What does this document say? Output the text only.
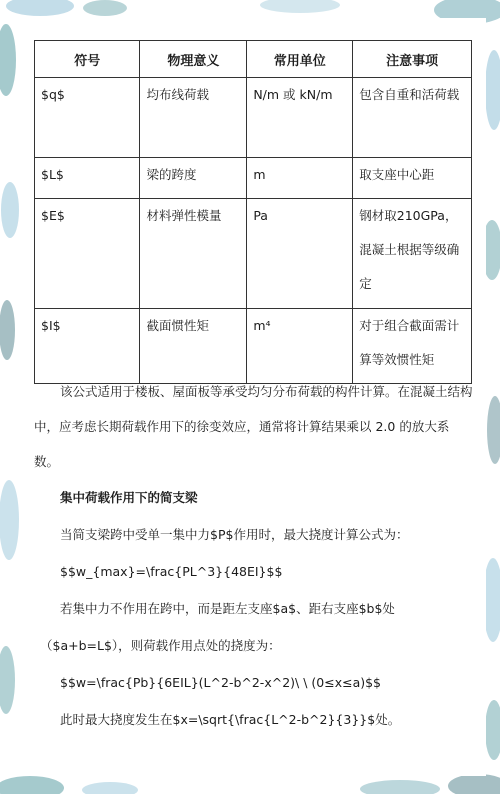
符号	物理意义	常用单位	注意事项
$q$	均布线荷载	N/m 或 kN/m	包含自重和活荷载
$L$	梁的跨度	m	取支座中心距
$E$	材料弹性模量	Pa	钢材取210GPa，混凝土根据等级确定
$I$	截面惯性矩	m⁴	对于组合截面需计算等效惯性矩

该公式适用于楼板、屋面板等承受均匀分布荷载的构件计算。在混凝土结构中，应考虑长期荷载作用下的徐变效应，通常将计算结果乘以 2.0 的放大系数。

集中荷载作用下的简支梁

当简支梁跨中受单一集中力$P$作用时，最大挠度计算公式为：

$$w_{max}=\frac{PL^3}{48EI}$$

若集中力不作用在跨中，而是距左支座$a$、距右支座$b$处

（$a+b=L$），则荷载作用点处的挠度为：

$$w=\frac{Pb}{6EIL}(L^2-b^2-x^2)\ \ (0≤x≤a)$$

此时最大挠度发生在$x=\sqrt{\frac{L^2-b^2}{3}}$处。
